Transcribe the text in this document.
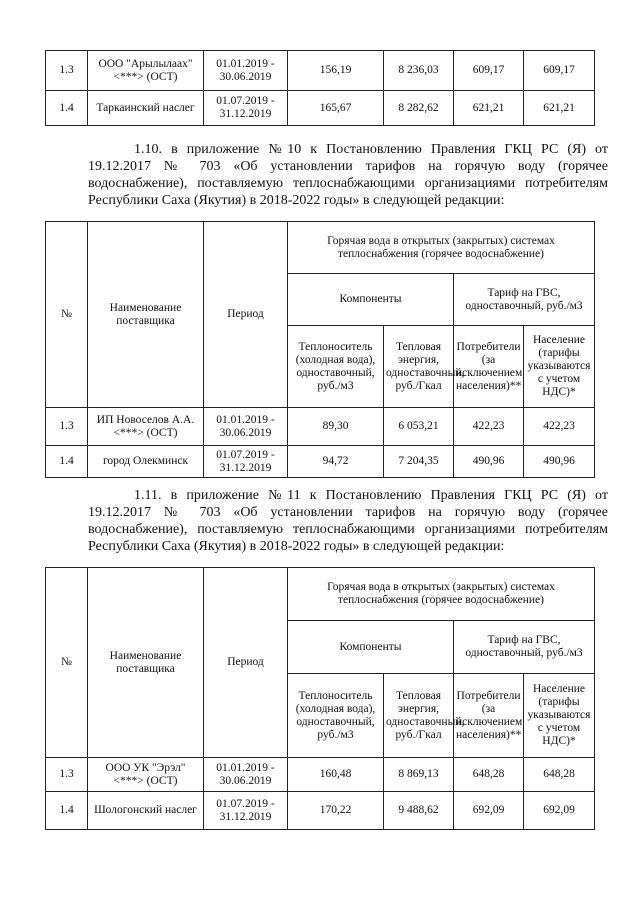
1.3	ООО "Арылылаах" <***> (ОСТ)	01.01.2019 - 30.06.2019	156,19	8 236,03	609,17	609,17
1.4	Таркаинский наслег	01.07.2019 - 31.12.2019	165,67	8 282,62	621,21	621,21
1.10. в приложение №10 к Постановлению Правления ГКЦ РС (Я) от 19.12.2017 № 703 «Об установлении тарифов на горячую воду (горячее водоснабжение), поставляемую теплоснабжающими организациями потребителям Республики Саха (Якутия) в 2018-2022 годы» в следующей редакции:
№	Наименование поставщика	Период	Горячая вода в открытых (закрытых) системах теплоснабжения (горячее водоснабжение)			
			Компоненты		Тариф на ГВС, одноставочный, руб./м3	
			Теплоноситель (холодная вода), одноставочный, руб./м3	Тепловая энергия, одноставочный, руб./Гкал	Потребители (за исключением населения)**	Население (тарифы указываются с учетом НДС)*
1.3	ИП Новоселов А.А. <***> (ОСТ)	01.01.2019 - 30.06.2019	89,30	6 053,21	422,23	422,23
1.4	город Олекминск	01.07.2019 - 31.12.2019	94,72	7 204,35	490,96	490,96
1.11. в приложение №11 к Постановлению Правления ГКЦ РС (Я) от 19.12.2017 № 703 «Об установлении тарифов на горячую воду (горячее водоснабжение), поставляемую теплоснабжающими организациями потребителям Республики Саха (Якутия) в 2018-2022 годы» в следующей редакции:
№	Наименование поставщика	Период	Горячая вода в открытых (закрытых) системах теплоснабжения (горячее водоснабжение)			
			Компоненты		Тариф на ГВС, одноставочный, руб./м3	
			Теплоноситель (холодная вода), одноставочный, руб./м3	Тепловая энергия, одноставочный, руб./Гкал	Потребители (за исключением населения)**	Население (тарифы указываются с учетом НДС)*
1.3	ООО УК "Эрэл" <***> (ОСТ)	01.01.2019 - 30.06.2019	160,48	8 869,13	648,28	648,28
1.4	Шологонский наслег	01.07.2019 - 31.12.2019	170,22	9 488,62	692,09	692,09
